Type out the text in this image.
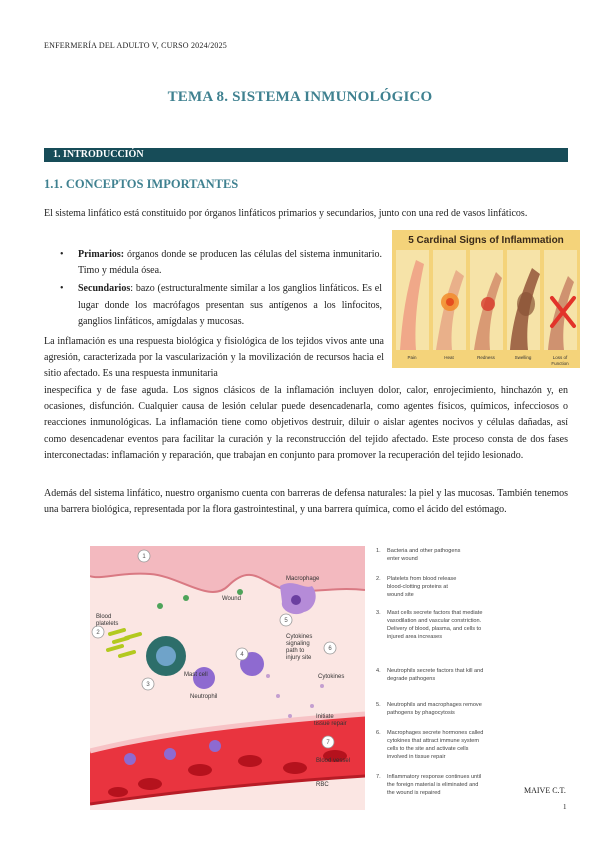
ENFERMERÍA DEL ADULTO V, CURSO 2024/2025
TEMA 8. SISTEMA INMUNOLÓGICO
1. INTRODUCCIÓN
1.1. CONCEPTOS IMPORTANTES
El sistema linfático está constituido por órganos linfáticos primarios y secundarios, junto con una red de vasos linfáticos.
• Primarios: órganos donde se producen las células del sistema inmunitario. Timo y médula ósea.
• Secundarios: bazo (estructuralmente similar a los ganglios linfáticos. Es el lugar donde los macrófagos presentan sus antígenos a los linfocitos, ganglios linfáticos, amígdalas y mucosas.
5 Cardinal Signs of Inflammation
Pain	Heat	Redness	Swelling	Loss of
Function
La inflamación es una respuesta biológica y fisiológica de los tejidos vivos ante una agresión, caracterizada por la vascularización y la movilización de recursos hacia el sitio afectado. Es una respuesta inmunitaria
inespecífica y de fase aguda. Los signos clásicos de la inflamación incluyen dolor, calor, enrojecimiento, hinchazón y, en ocasiones, disfunción. Cualquier causa de lesión celular puede desencadenarla, como agentes físicos, químicos, infecciosos o reacciones inmunológicas. La inflamación tiene como objetivos destruir, diluir o aislar agentes nocivos y células dañadas, así como desencadenar eventos para facilitar la curación y la reconstrucción del tejido afectado. Este proceso consta de dos fases interconectadas: inflamación y reparación, que trabajan en conjunto para promover la recuperación del tejido lesionado.
Además del sistema linfático, nuestro organismo cuenta con barreras de defensa naturales: la piel y las mucosas. También tenemos una barrera biológica, representada por la flora gastrointestinal, y una barrera química, como el ácido del estómago.
1
2
3
4
5
6
7
Wound
Macrophage
Blood
platelets
Mast cell
Neutrophil
Cytokines
signaling
path to
injury site
Cytokines
Initiate
tissue repair
Blood vessel
RBC
1. Bacteria and other pathogens
enter wound
2. Platelets from blood release
blood-clotting proteins at
wound site
3. Mast cells secrete factors that mediate
vasodilation and vascular constriction.
Delivery of blood, plasma, and cells to
injured area increases
4. Neutrophils secrete factors that kill and
degrade pathogens
5. Neutrophils and macrophages remove
pathogens by phagocytosis
6. Macrophages secrete hormones called
cytokines that attract immune system
cells to the site and activate cells
involved in tissue repair
7. Inflammatory response continues until
the foreign material is eliminated and
the wound is repaired	MAIVE C.T.
1
